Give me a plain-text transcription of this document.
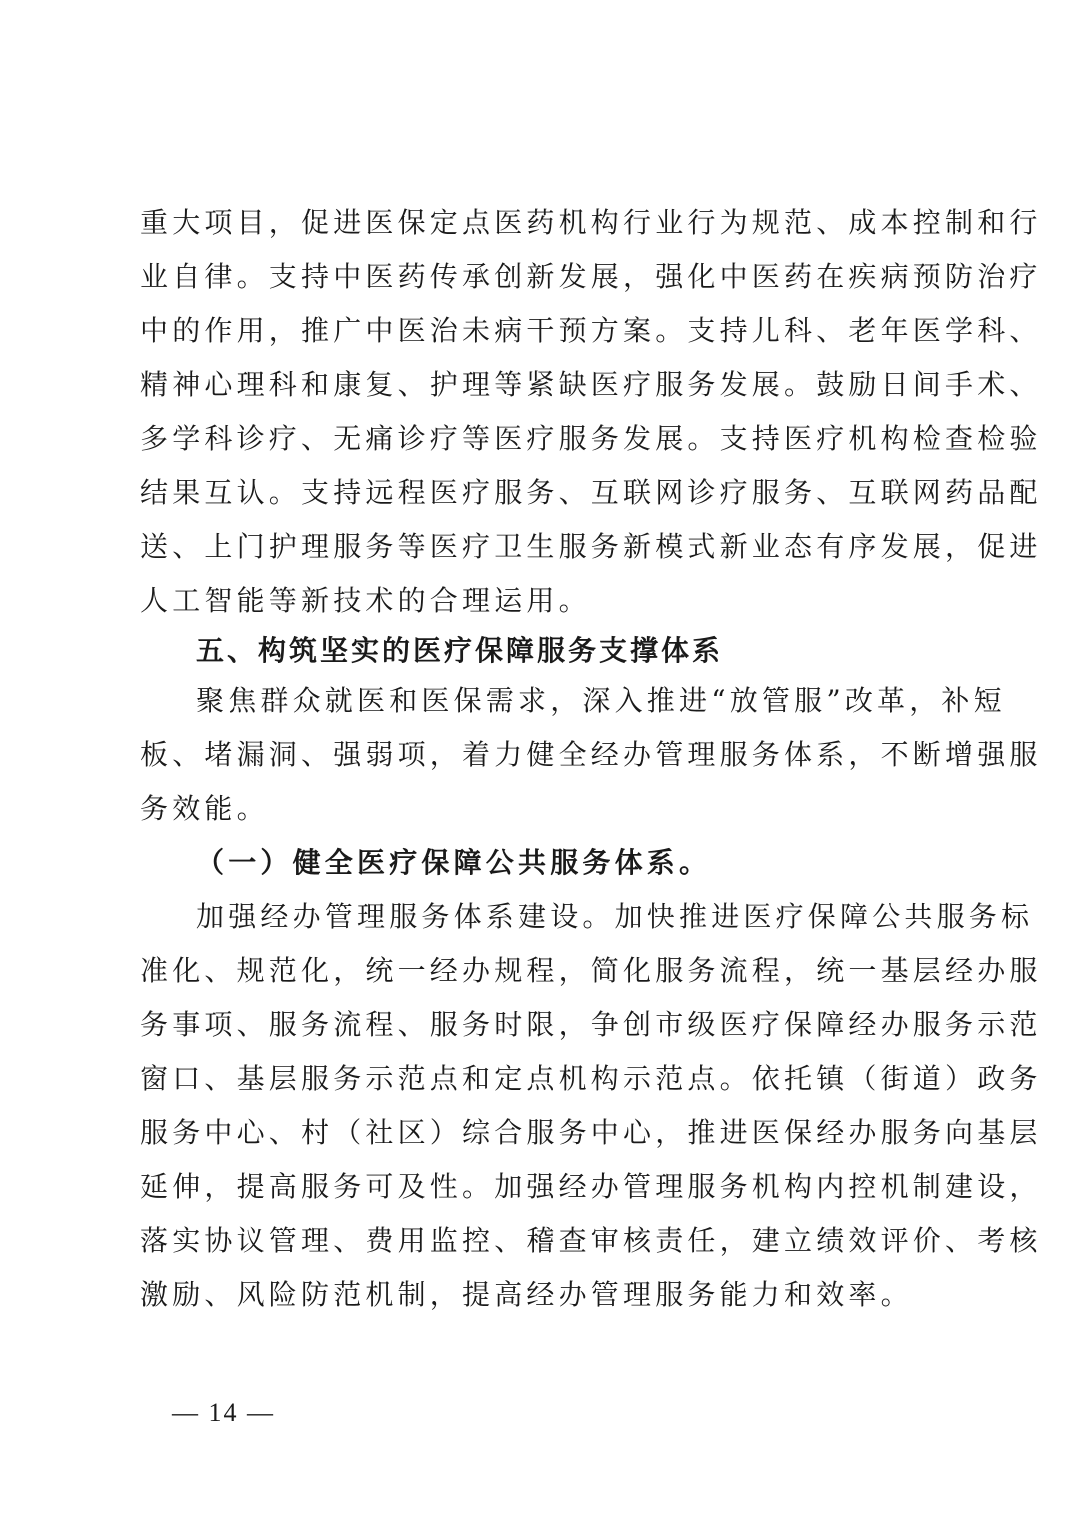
重大项目，促进医保定点医药机构行业行为规范、成本控制和行
业自律。支持中医药传承创新发展，强化中医药在疾病预防治疗
中的作用，推广中医治未病干预方案。支持儿科、老年医学科、
精神心理科和康复、护理等紧缺医疗服务发展。鼓励日间手术、
多学科诊疗、无痛诊疗等医疗服务发展。支持医疗机构检查检验
结果互认。支持远程医疗服务、互联网诊疗服务、互联网药品配
送、上门护理服务等医疗卫生服务新模式新业态有序发展，促进
人工智能等新技术的合理运用。
五、构筑坚实的医疗保障服务支撑体系
聚焦群众就医和医保需求，深入推进“放管服”改革，补短
板、堵漏洞、强弱项，着力健全经办管理服务体系，不断增强服
务效能。
（一）健全医疗保障公共服务体系。
加强经办管理服务体系建设。加快推进医疗保障公共服务标
准化、规范化，统一经办规程，简化服务流程，统一基层经办服
务事项、服务流程、服务时限，争创市级医疗保障经办服务示范
窗口、基层服务示范点和定点机构示范点。依托镇（街道）政务
服务中心、村（社区）综合服务中心，推进医保经办服务向基层
延伸，提高服务可及性。加强经办管理服务机构内控机制建设，
落实协议管理、费用监控、稽查审核责任，建立绩效评价、考核
激励、风险防范机制，提高经办管理服务能力和效率。
— 14 —
